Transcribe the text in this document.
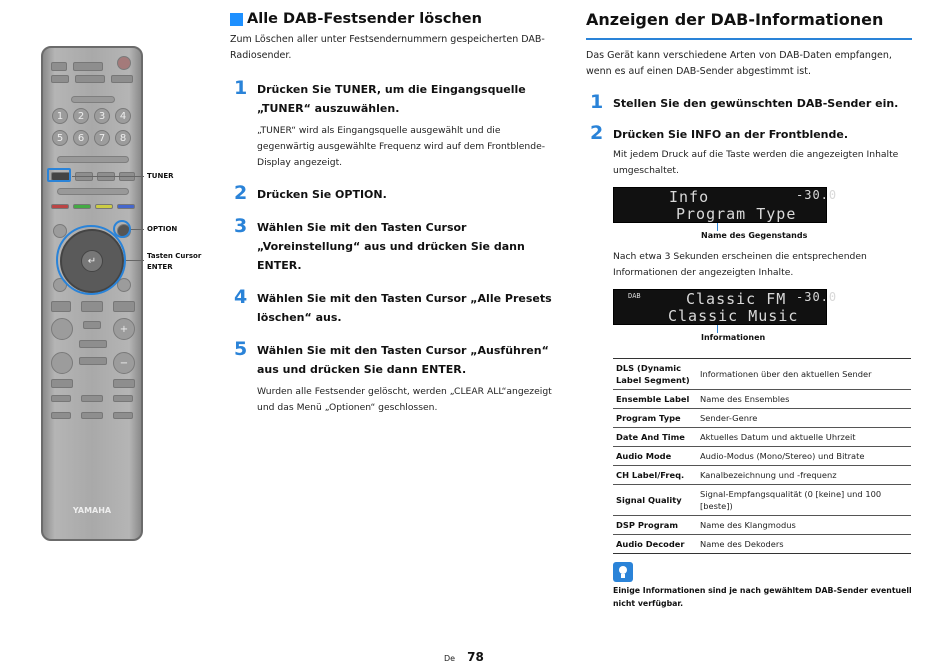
1	2	3	4
5	6	7	8
↵
+
−
YAMAHA
TUNER
OPTION
Tasten Cursor
ENTER
Alle DAB-Festsender löschen
Zum Löschen aller unter Festsendernummern gespeicherten DAB-Radiosender.
1 Drücken Sie TUNER, um die Eingangsquelle „TUNER“ auszuwählen.
„TUNER“ wird als Eingangsquelle ausgewählt und die gegenwärtig ausgewählte Frequenz wird auf dem Frontblende-Display angezeigt.
2 Drücken Sie OPTION.
3 Wählen Sie mit den Tasten Cursor „Voreinstellung“ aus und drücken Sie dann ENTER.
4 Wählen Sie mit den Tasten Cursor „Alle Presets löschen“ aus.
5 Wählen Sie mit den Tasten Cursor „Ausführen“ aus und drücken Sie dann ENTER.
Wurden alle Festsender gelöscht, werden „CLEAR ALL“angezeigt und das Menü „Optionen“ geschlossen.
Anzeigen der DAB-Informationen
Das Gerät kann verschiedene Arten von DAB-Daten empfangen, wenn es auf einen DAB-Sender abgestimmt ist.
1 Stellen Sie den gewünschten DAB-Sender ein.
2 Drücken Sie INFO an der Frontblende.
Mit jedem Druck auf die Taste werden die angezeigten Inhalte umgeschaltet.
Info
Program Type
-30.0
Name des Gegenstands
Nach etwa 3 Sekunden erscheinen die entsprechenden Informationen der angezeigten Inhalte.
DAB	Classic FM
Classic Music
-30.0
Informationen
DLS (Dynamic Label Segment)	Informationen über den aktuellen Sender
Ensemble Label	Name des Ensembles
Program Type	Sender-Genre
Date And Time	Aktuelles Datum und aktuelle Uhrzeit
Audio Mode	Audio-Modus (Mono/Stereo) und Bitrate
CH Label/Freq.	Kanalbezeichnung und -frequenz
Signal Quality	Signal-Empfangsqualität (0 [keine] und 100 [beste])
DSP Program	Name des Klangmodus
Audio Decoder	Name des Dekoders
Einige Informationen sind je nach gewähltem DAB-Sender eventuell nicht verfügbar.
De 78
